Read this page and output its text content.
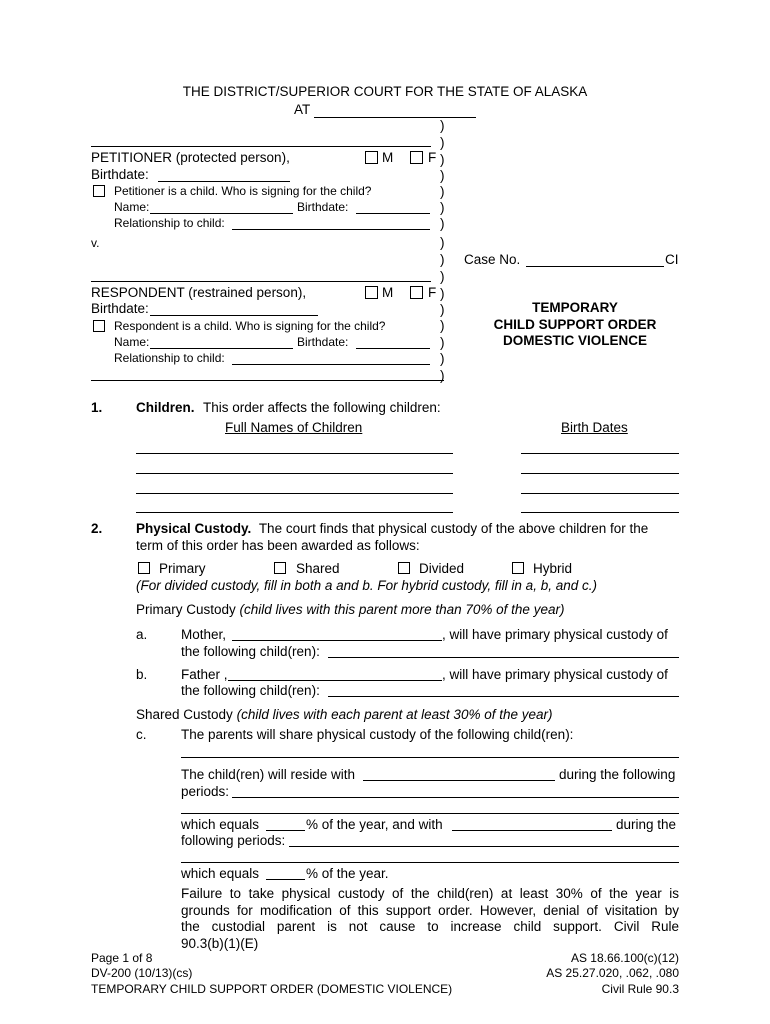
THE DISTRICT/SUPERIOR COURT FOR THE STATE OF ALASKA
AT
)
)
)
)
)
)
)
)
)
)
)
)
)
)
)
)
PETITIONER (protected person),	M	F
Birthdate:
Petitioner is a child. Who is signing for the child?
Name:	Birthdate:
Relationship to child:
v.
Case No.	CI
RESPONDENT (restrained person),	M	F
Birthdate:
Respondent is a child. Who is signing for the child?
Name:	Birthdate:
Relationship to child:
TEMPORARY
CHILD SUPPORT ORDER
DOMESTIC VIOLENCE
1. Children. This order affects the following children:
Full Names of Children	Birth Dates
2. Physical Custody. The court finds that physical custody of the above children for the
term of this order has been awarded as follows:
Primary	Shared	Divided	Hybrid
(For divided custody, fill in both a and b. For hybrid custody, fill in a, b, and c.)
Primary Custody (child lives with this parent more than 70% of the year)
a. Mother,	, will have primary physical custody of
the following child(ren):
b. Father ,	, will have primary physical custody of
the following child(ren):
Shared Custody (child lives with each parent at least 30% of the year)
c.	The parents will share physical custody of the following child(ren):
The child(ren) will reside with	during the following
periods:
which equals	% of the year, and with	during the
following periods:
which equals	% of the year.
Failure to take physical custody of the child(ren) at least 30% of the year is
grounds for modification of this support order. However, denial of visitation by
the custodial parent is not cause to increase child support. Civil Rule
90.3(b)(1)(E)
Page 1 of 8
DV-200 (10/13)(cs)
TEMPORARY CHILD SUPPORT ORDER (DOMESTIC VIOLENCE)
AS 18.66.100(c)(12)
AS 25.27.020, .062, .080
Civil Rule 90.3
